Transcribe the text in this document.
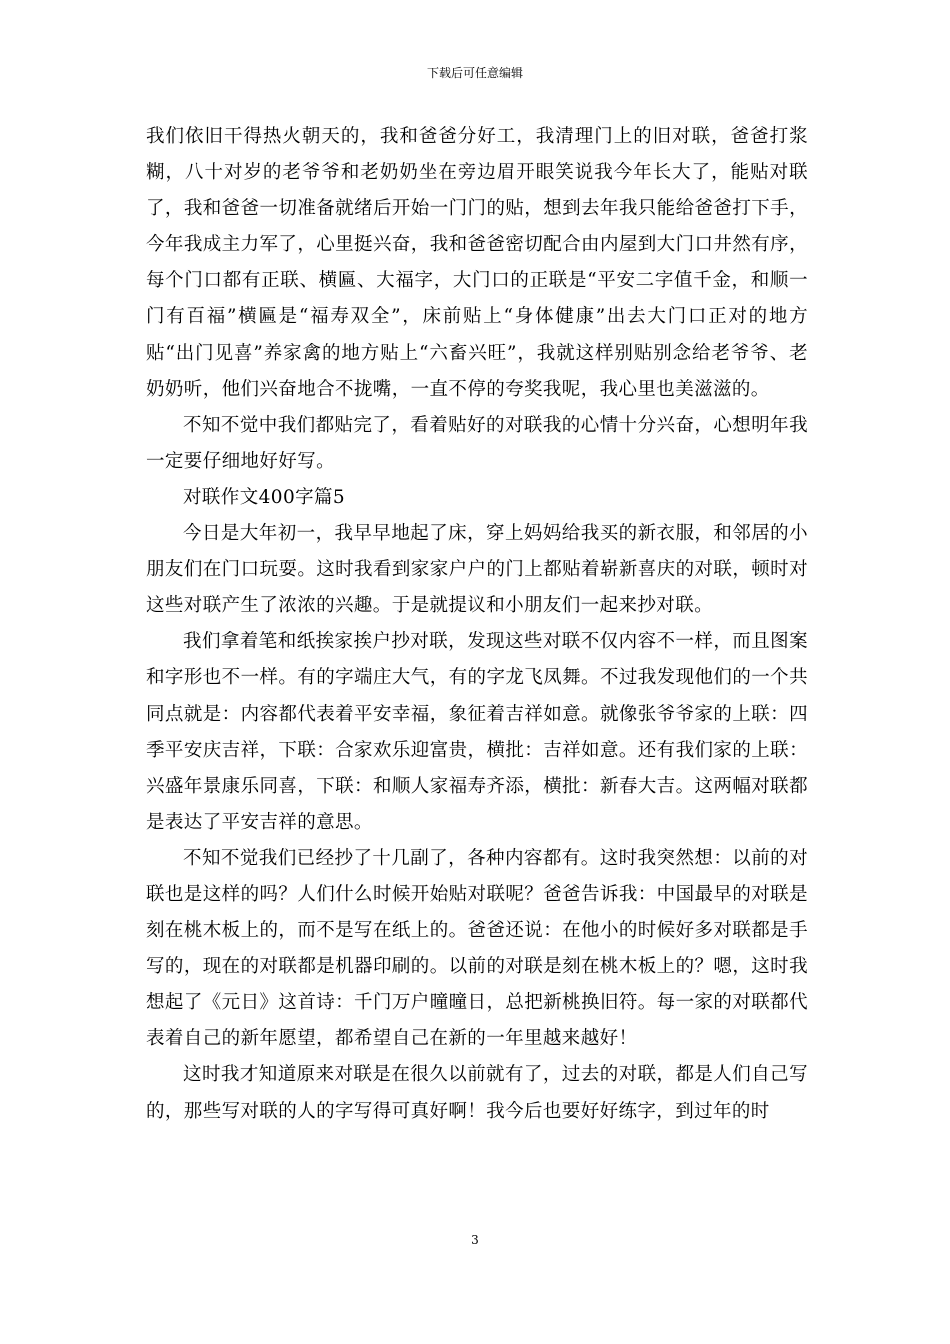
下载后可任意编辑

我们依旧干得热火朝天的，我和爸爸分好工，我清理门上的旧对联，爸爸打浆糊，八十对岁的老爷爷和老奶奶坐在旁边眉开眼笑说我今年长大了，能贴对联了，我和爸爸一切准备就绪后开始一门门的贴，想到去年我只能给爸爸打下手，今年我成主力军了，心里挺兴奋，我和爸爸密切配合由内屋到大门口井然有序，每个门口都有正联、横匾、大福字，大门口的正联是“平安二字值千金，和顺一门有百福”横匾是“福寿双全”，床前贴上“身体健康”出去大门口正对的地方贴“出门见喜”养家禽的地方贴上“六畜兴旺”，我就这样别贴别念给老爷爷、老奶奶听，他们兴奋地合不拢嘴，一直不停的夸奖我呢，我心里也美滋滋的。

不知不觉中我们都贴完了，看着贴好的对联我的心情十分兴奋，心想明年我一定要仔细地好好写。

对联作文400字篇5

今日是大年初一，我早早地起了床，穿上妈妈给我买的新衣服，和邻居的小朋友们在门口玩耍。这时我看到家家户户的门上都贴着崭新喜庆的对联，顿时对这些对联产生了浓浓的兴趣。于是就提议和小朋友们一起来抄对联。

我们拿着笔和纸挨家挨户抄对联，发现这些对联不仅内容不一样，而且图案和字形也不一样。有的字端庄大气，有的字龙飞凤舞。不过我发现他们的一个共同点就是：内容都代表着平安幸福，象征着吉祥如意。就像张爷爷家的上联：四季平安庆吉祥，下联：合家欢乐迎富贵，横批：吉祥如意。还有我们家的上联：兴盛年景康乐同喜，下联：和顺人家福寿齐添，横批：新春大吉。这两幅对联都是表达了平安吉祥的意思。

不知不觉我们已经抄了十几副了，各种内容都有。这时我突然想：以前的对联也是这样的吗？人们什么时候开始贴对联呢？爸爸告诉我：中国最早的对联是刻在桃木板上的，而不是写在纸上的。爸爸还说：在他小的时候好多对联都是手写的，现在的对联都是机器印刷的。以前的对联是刻在桃木板上的？嗯，这时我想起了《元日》这首诗：千门万户曈曈日，总把新桃换旧符。每一家的对联都代表着自己的新年愿望，都希望自己在新的一年里越来越好！

这时我才知道原来对联是在很久以前就有了，过去的对联，都是人们自己写的，那些写对联的人的字写得可真好啊！我今后也要好好练字，到过年的时

3
